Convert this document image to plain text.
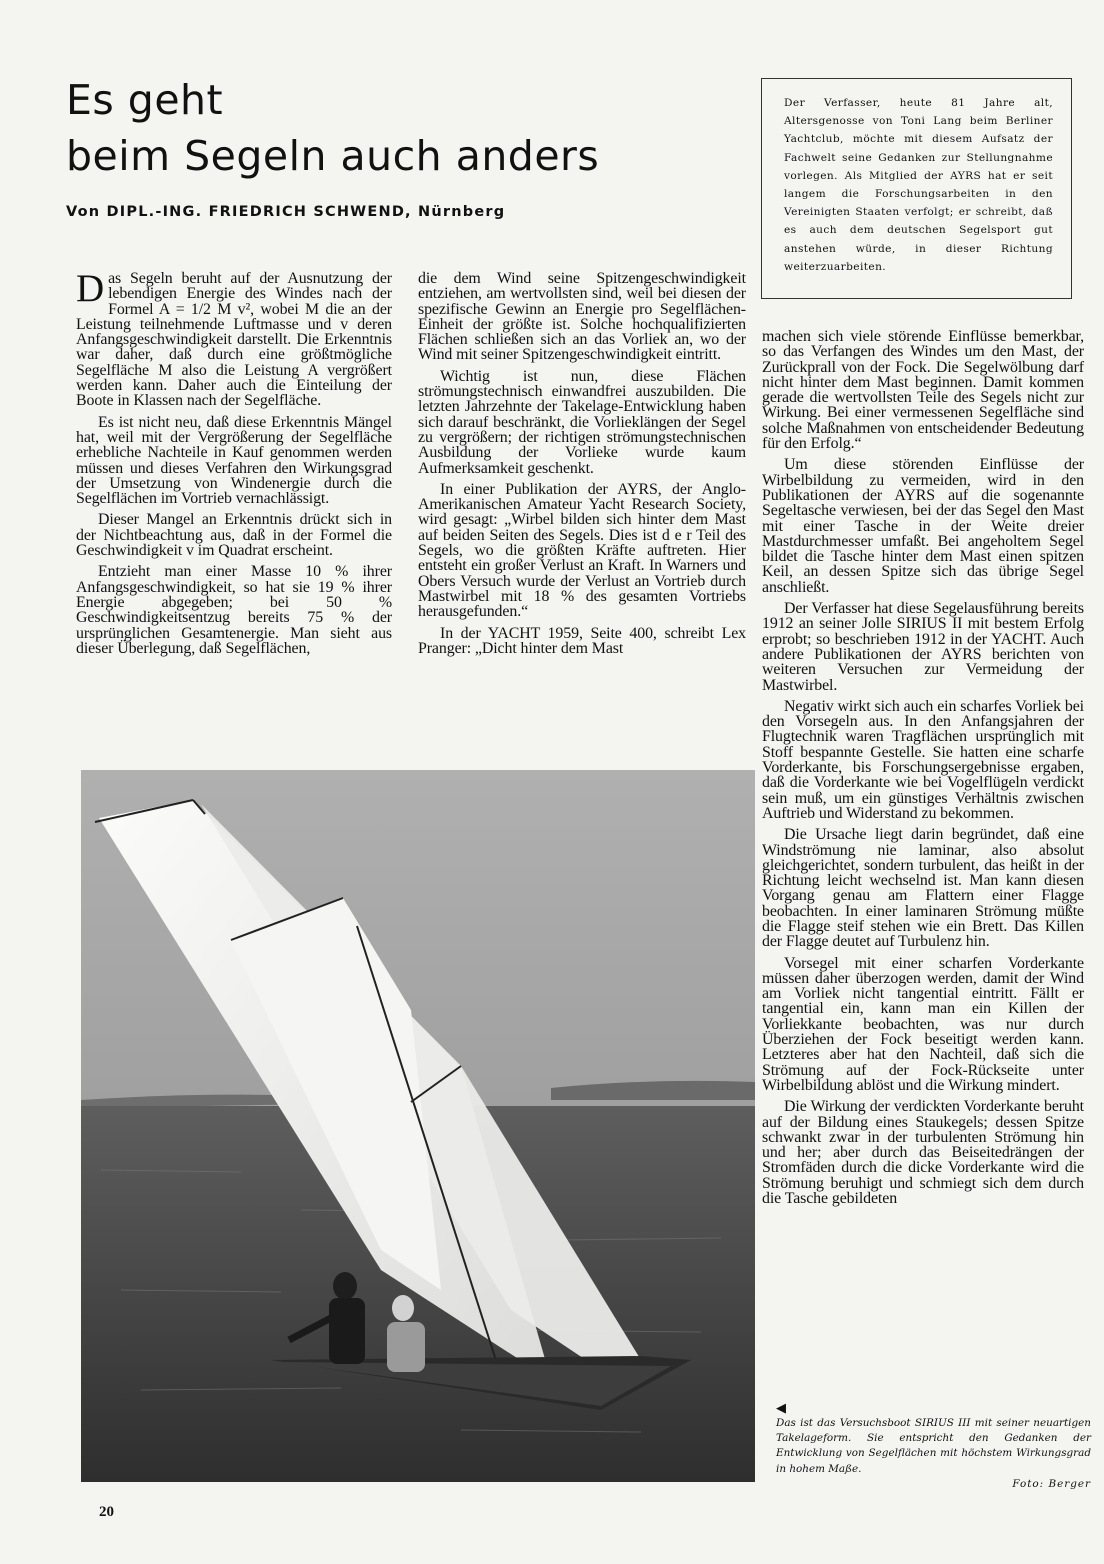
Es geht
beim Segeln auch anders

Von DIPL.-ING. FRIEDRICH SCHWEND, Nürnberg

Der Verfasser, heute 81 Jahre alt, Altersgenosse von Toni Lang beim Berliner Yachtclub, möchte mit diesem Aufsatz der Fachwelt seine Gedanken zur Stellungnahme vorlegen. Als Mitglied der AYRS hat er seit langem die Forschungsarbeiten in den Vereinigten Staaten verfolgt; er schreibt, daß es auch dem deutschen Segelsport gut anstehen würde, in dieser Richtung weiterzuarbeiten.

Das Segeln beruht auf der Ausnutzung der lebendigen Energie des Windes nach der Formel A = 1/2 M v², wobei M die an der Leistung teilnehmende Luftmasse und v deren Anfangsgeschwindigkeit darstellt. Die Erkenntnis war daher, daß durch eine größtmögliche Segelfläche M also die Leistung A vergrößert werden kann. Daher auch die Einteilung der Boote in Klassen nach der Segelfläche.

Es ist nicht neu, daß diese Erkenntnis Mängel hat, weil mit der Vergrößerung der Segelfläche erhebliche Nachteile in Kauf genommen werden müssen und dieses Verfahren den Wirkungsgrad der Umsetzung von Windenergie durch die Segelflächen im Vortrieb vernachlässigt.

Dieser Mangel an Erkenntnis drückt sich in der Nichtbeachtung aus, daß in der Formel die Geschwindigkeit v im Quadrat erscheint.

Entzieht man einer Masse 10 % ihrer Anfangsgeschwindigkeit, so hat sie 19 % ihrer Energie abgegeben; bei 50 % Geschwindigkeitsentzug bereits 75 % der ursprünglichen Gesamtenergie. Man sieht aus dieser Überlegung, daß Segelflächen,

die dem Wind seine Spitzengeschwindigkeit entziehen, am wertvollsten sind, weil bei diesen der spezifische Gewinn an Energie pro Segelflächen-Einheit der größte ist. Solche hochqualifizierten Flächen schließen sich an das Vorliek an, wo der Wind mit seiner Spitzengeschwindigkeit eintritt.

Wichtig ist nun, diese Flächen strömungstechnisch einwandfrei auszubilden. Die letzten Jahrzehnte der Takelage-Entwicklung haben sich darauf beschränkt, die Vorlieklängen der Segel zu vergrößern; der richtigen strömungstechnischen Ausbildung der Vorlieke wurde kaum Aufmerksamkeit geschenkt.

In einer Publikation der AYRS, der Anglo-Amerikanischen Amateur Yacht Research Society, wird gesagt: „Wirbel bilden sich hinter dem Mast auf beiden Seiten des Segels. Dies ist d e r Teil des Segels, wo die größten Kräfte auftreten. Hier entsteht ein großer Verlust an Kraft. In Warners und Obers Versuch wurde der Verlust an Vortrieb durch Mastwirbel mit 18 % des gesamten Vortriebs herausgefunden.“

In der YACHT 1959, Seite 400, schreibt Lex Pranger: „Dicht hinter dem Mast

machen sich viele störende Einflüsse bemerkbar, so das Verfangen des Windes um den Mast, der Zurückprall von der Fock. Die Segelwölbung darf nicht hinter dem Mast beginnen. Damit kommen gerade die wertvollsten Teile des Segels nicht zur Wirkung. Bei einer vermessenen Segelfläche sind solche Maßnahmen von entscheidender Bedeutung für den Erfolg.“

Um diese störenden Einflüsse der Wirbelbildung zu vermeiden, wird in den Publikationen der AYRS auf die sogenannte Segeltasche verwiesen, bei der das Segel den Mast mit einer Tasche in der Weite dreier Mastdurchmesser umfaßt. Bei angeholtem Segel bildet die Tasche hinter dem Mast einen spitzen Keil, an dessen Spitze sich das übrige Segel anschließt.

Der Verfasser hat diese Segelausführung bereits 1912 an seiner Jolle SIRIUS II mit bestem Erfolg erprobt; so beschrieben 1912 in der YACHT. Auch andere Publikationen der AYRS berichten von weiteren Versuchen zur Vermeidung der Mastwirbel.

Negativ wirkt sich auch ein scharfes Vorliek bei den Vorsegeln aus. In den Anfangsjahren der Flugtechnik waren Tragflächen ursprünglich mit Stoff bespannte Gestelle. Sie hatten eine scharfe Vorderkante, bis Forschungsergebnisse ergaben, daß die Vorderkante wie bei Vogelflügeln verdickt sein muß, um ein günstiges Verhältnis zwischen Auftrieb und Widerstand zu bekommen.

Die Ursache liegt darin begründet, daß eine Windströmung nie laminar, also absolut gleichgerichtet, sondern turbulent, das heißt in der Richtung leicht wechselnd ist. Man kann diesen Vorgang genau am Flattern einer Flagge beobachten. In einer laminaren Strömung müßte die Flagge steif stehen wie ein Brett. Das Killen der Flagge deutet auf Turbulenz hin.

Vorsegel mit einer scharfen Vorderkante müssen daher überzogen werden, damit der Wind am Vorliek nicht tangential eintritt. Fällt er tangential ein, kann man ein Killen der Vorliekkante beobachten, was nur durch Überziehen der Fock beseitigt werden kann. Letzteres aber hat den Nachteil, daß sich die Strömung auf der Fock-Rückseite unter Wirbelbildung ablöst und die Wirkung mindert.

Die Wirkung der verdickten Vorderkante beruht auf der Bildung eines Staukegels; dessen Spitze schwankt zwar in der turbulenten Strömung hin und her; aber durch das Beiseitedrängen der Stromfäden durch die dicke Vorderkante wird die Strömung beruhigt und schmiegt sich dem durch die Tasche gebildeten

◀
Das ist das Versuchsboot SIRIUS III mit seiner neuartigen Takelageform. Sie entspricht den Gedanken der Entwicklung von Segelflächen mit höchstem Wirkungsgrad in hohem Maße.
Foto: Berger
20
